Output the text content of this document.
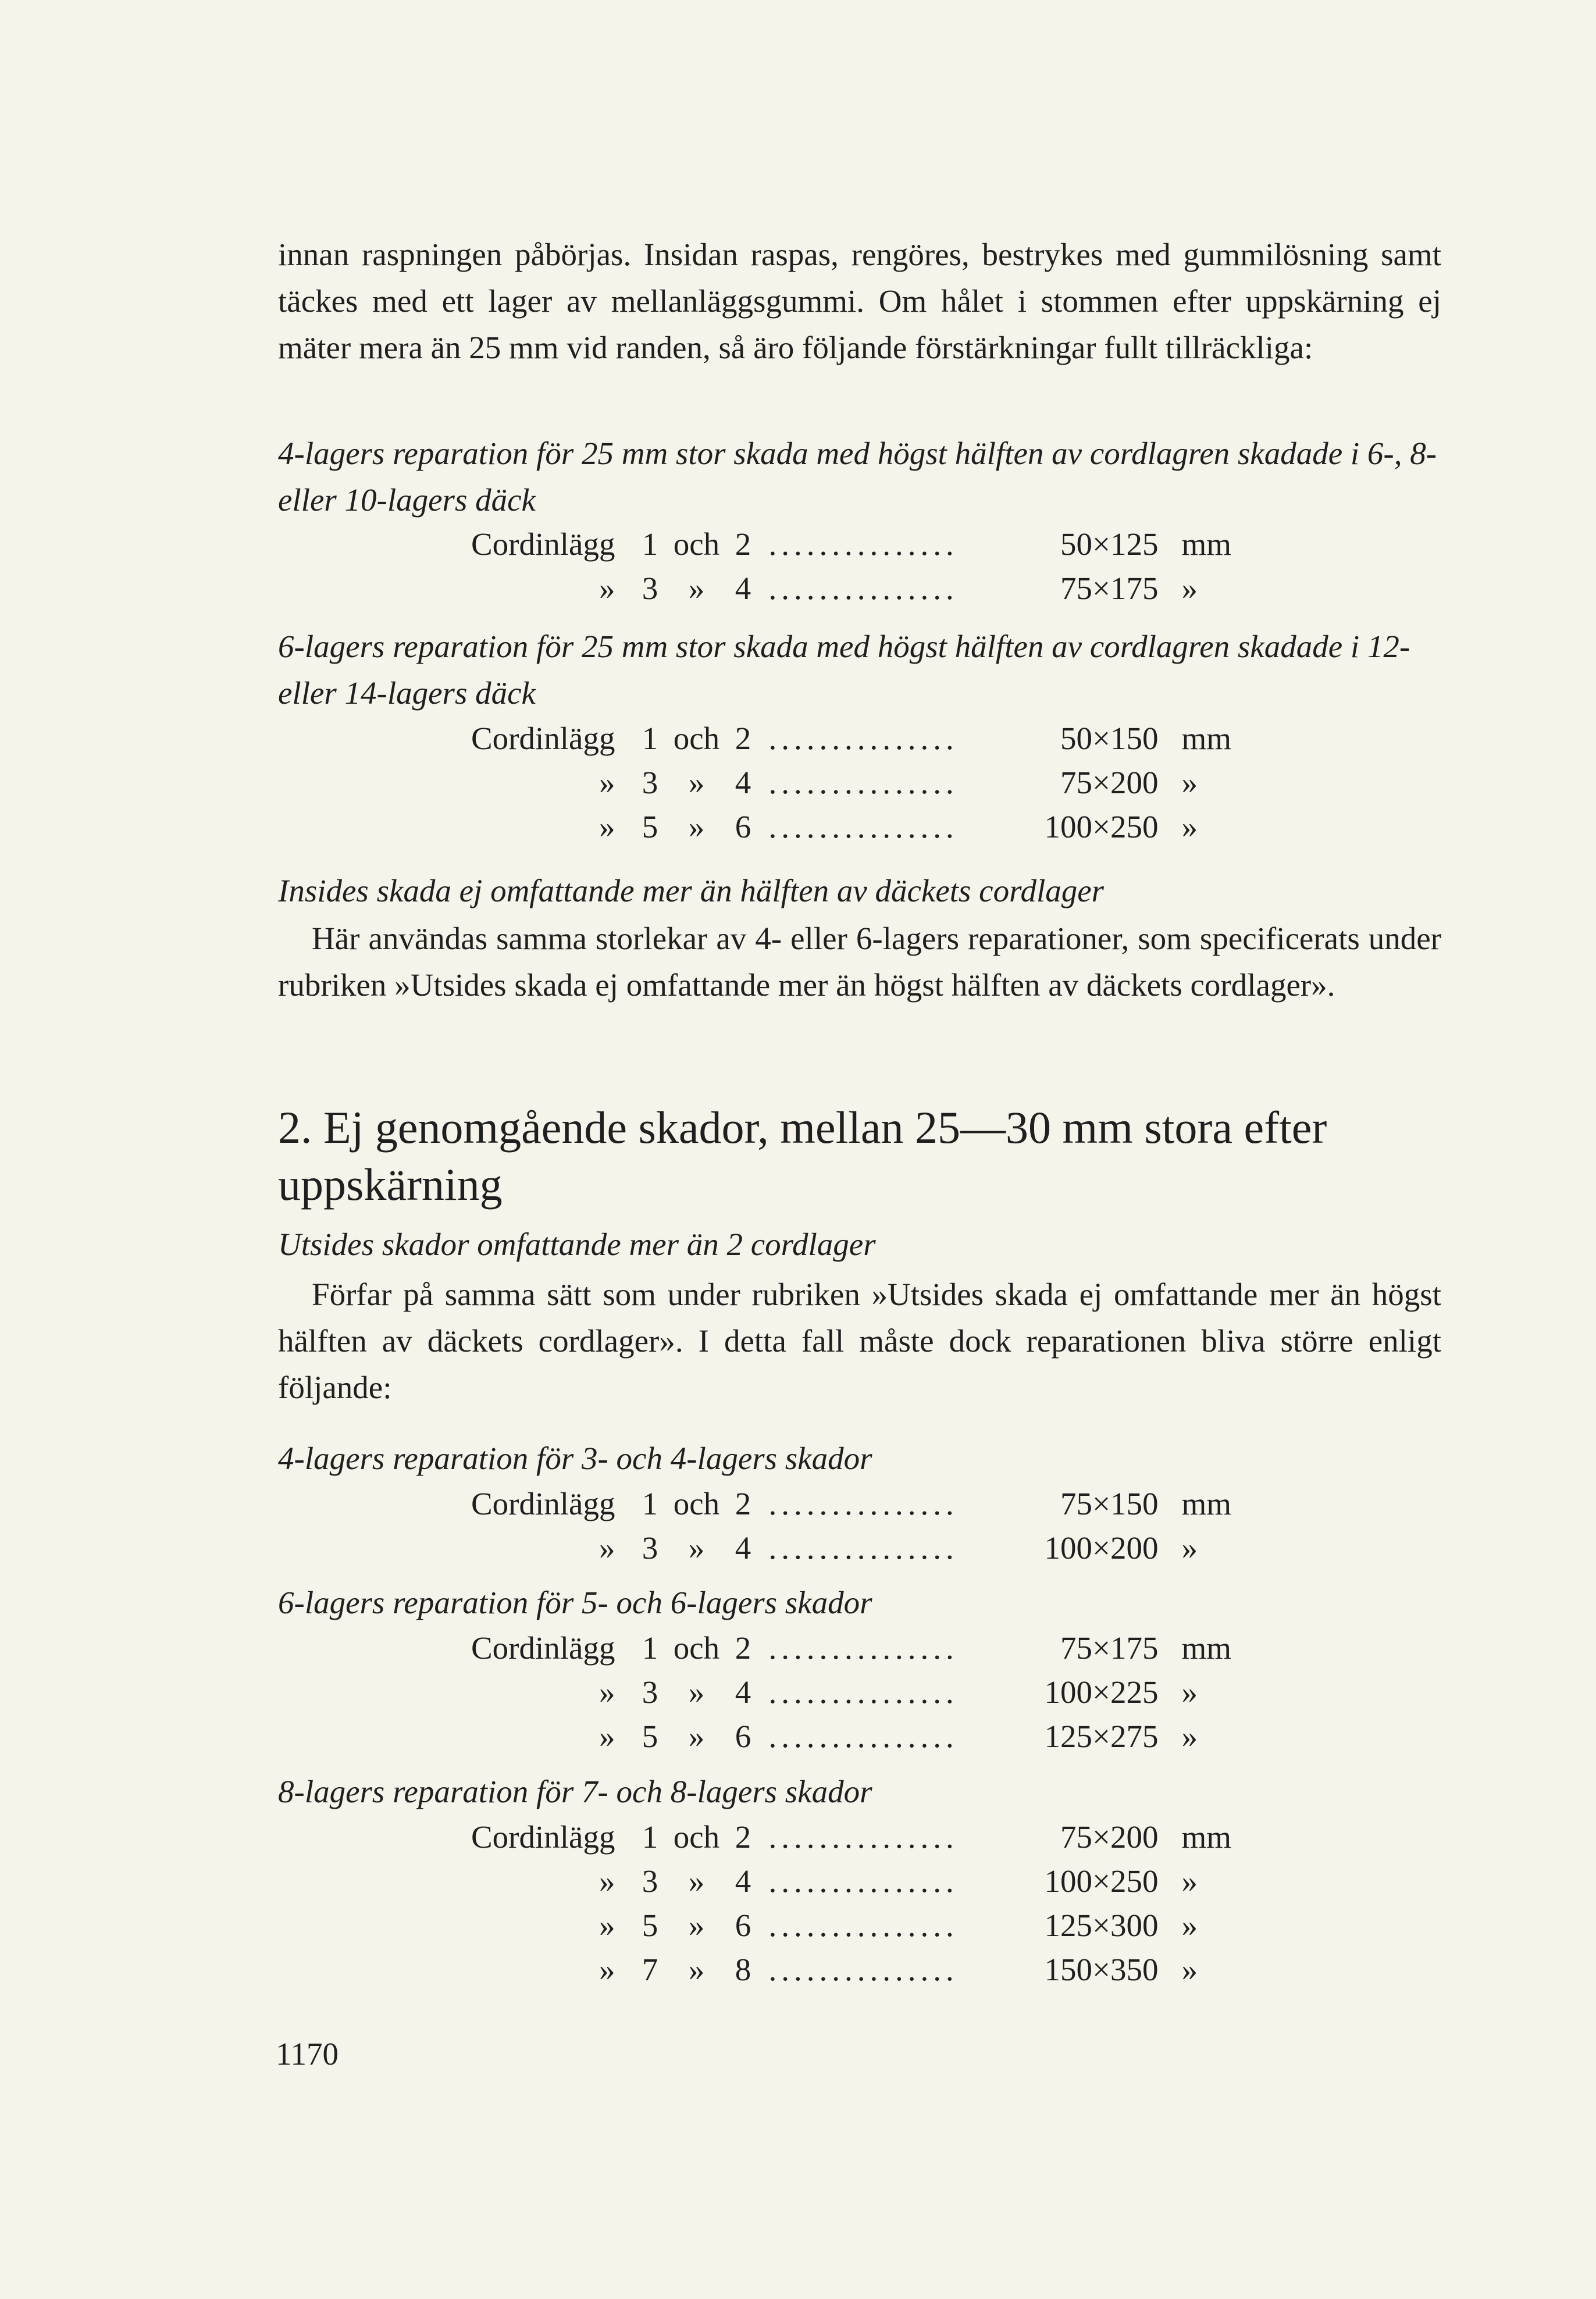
innan raspningen påbörjas. Insidan raspas, rengöres, bestrykes med gummilösning samt täckes med ett lager av mellanläggsgummi. Om hålet i stommen efter uppskärning ej mäter mera än 25 mm vid randen, så äro följande förstärkningar fullt tillräckliga:

4-lagers reparation för 25 mm stor skada med högst hälften av cordlagren skadade i 6-, 8- eller 10-lagers däck

Cordinlägg	1	och	2	...............	50×125	mm
»	3	»	4	...............	75×175	»

6-lagers reparation för 25 mm stor skada med högst hälften av cordlagren skadade i 12- eller 14-lagers däck

Cordinlägg	1	och	2	...............	50×150	mm
»	3	»	4	...............	75×200	»
»	5	»	6	...............	100×250	»

Insides skada ej omfattande mer än hälften av däckets cordlager

Här användas samma storlekar av 4- eller 6-lagers reparationer, som specificerats under rubriken »Utsides skada ej omfattande mer än högst hälften av däckets cordlager».

2. Ej genomgående skador, mellan 25—30 mm stora efter uppskärning

Utsides skador omfattande mer än 2 cordlager

Förfar på samma sätt som under rubriken »Utsides skada ej omfattande mer än högst hälften av däckets cordlager». I detta fall måste dock reparationen bliva större enligt följande:

4-lagers reparation för 3- och 4-lagers skador

Cordinlägg	1	och	2	...............	75×150	mm
»	3	»	4	...............	100×200	»

6-lagers reparation för 5- och 6-lagers skador

Cordinlägg	1	och	2	...............	75×175	mm
»	3	»	4	...............	100×225	»
»	5	»	6	...............	125×275	»

8-lagers reparation för 7- och 8-lagers skador

Cordinlägg	1	och	2	...............	75×200	mm
»	3	»	4	...............	100×250	»
»	5	»	6	...............	125×300	»
»	7	»	8	...............	150×350	»
1170
